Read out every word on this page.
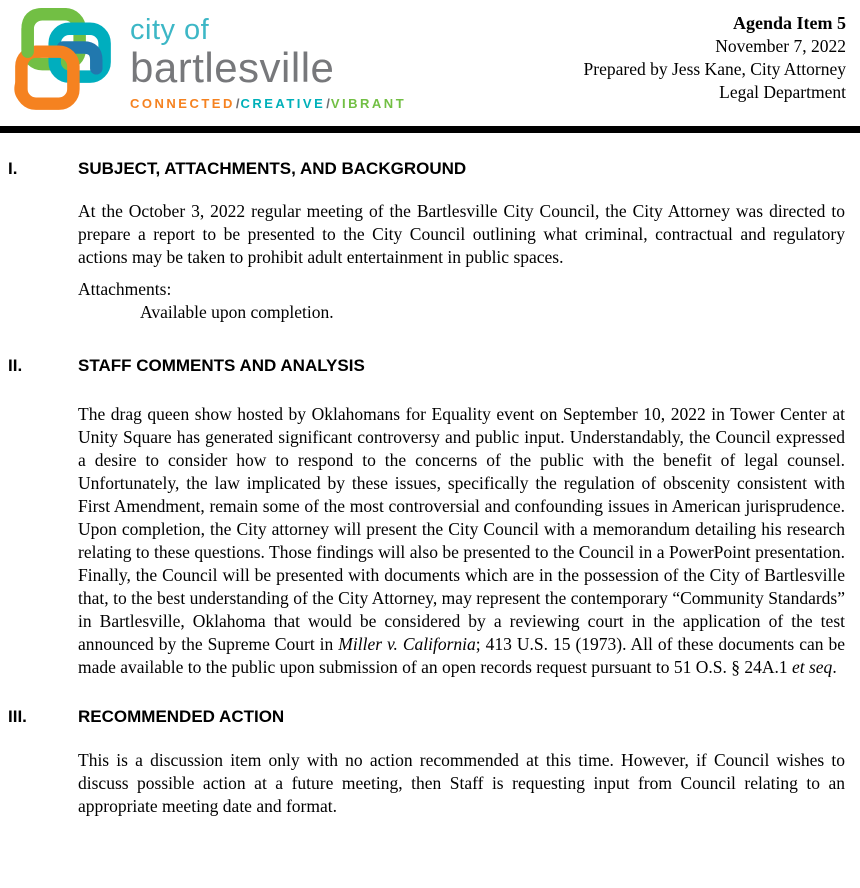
city of
bartlesville
CONNECTED/CREATIVE/VIBRANT
Agenda Item 5
November 7, 2022
Prepared by Jess Kane, City Attorney
Legal Department
I.	SUBJECT, ATTACHMENTS, AND BACKGROUND

At the October 3, 2022 regular meeting of the Bartlesville City Council, the City Attorney was directed to prepare a report to be presented to the City Council outlining what criminal, contractual and regulatory actions may be taken to prohibit adult entertainment in public spaces.

Attachments:
Available upon completion.
II.	STAFF COMMENTS AND ANALYSIS

The drag queen show hosted by Oklahomans for Equality event on September 10, 2022 in Tower Center at Unity Square has generated significant controversy and public input. Understandably, the Council expressed a desire to consider how to respond to the concerns of the public with the benefit of legal counsel. Unfortunately, the law implicated by these issues, specifically the regulation of obscenity consistent with First Amendment, remain some of the most controversial and confounding issues in American jurisprudence. Upon completion, the City attorney will present the City Council with a memorandum detailing his research relating to these questions. Those findings will also be presented to the Council in a PowerPoint presentation. Finally, the Council will be presented with documents which are in the possession of the City of Bartlesville that, to the best understanding of the City Attorney, may represent the contemporary “Community Standards” in Bartlesville, Oklahoma that would be considered by a reviewing court in the application of the test announced by the Supreme Court in Miller v. California; 413 U.S. 15 (1973). All of these documents can be made available to the public upon submission of an open records request pursuant to 51 O.S. § 24A.1 et seq.

III.	RECOMMENDED ACTION

This is a discussion item only with no action recommended at this time. However, if Council wishes to discuss possible action at a future meeting, then Staff is requesting input from Council relating to an appropriate meeting date and format.
